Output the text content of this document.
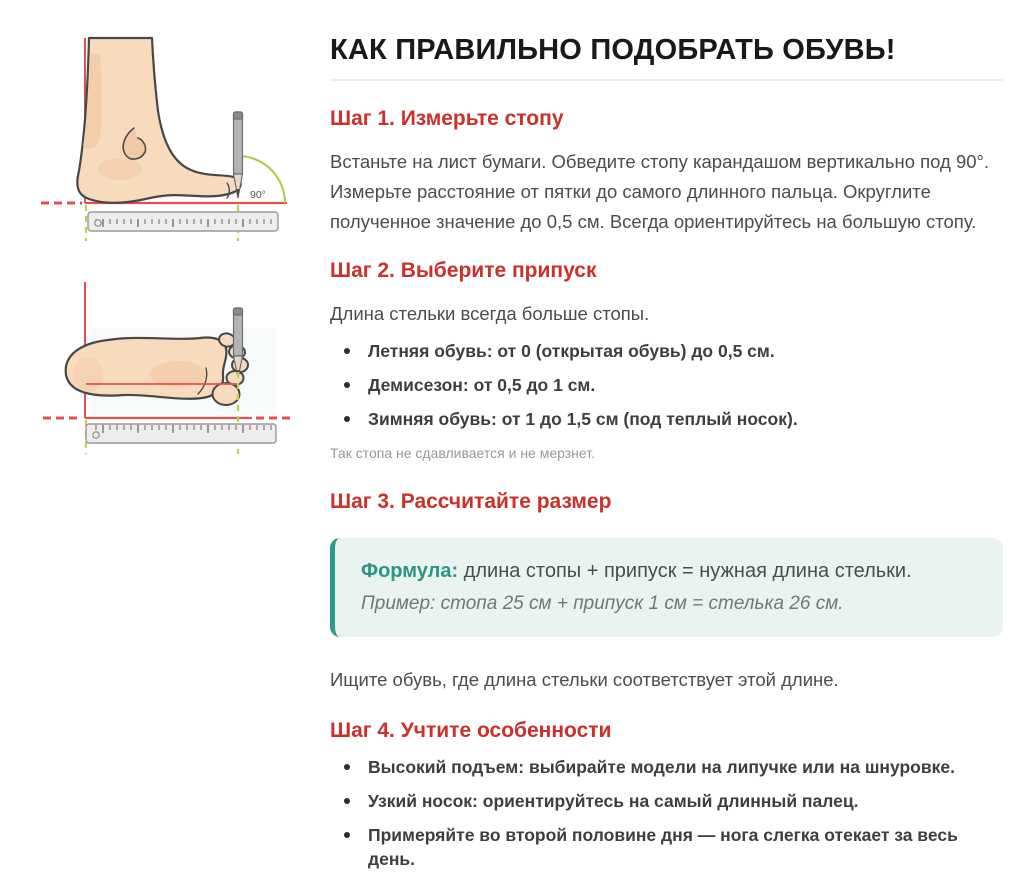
90°
КАК ПРАВИЛЬНО ПОДОБРАТЬ ОБУВЬ!
Шаг 1. Измерьте стопу

Встаньте на лист бумаги. Обведите стопу карандашом вертикально под 90°. Измерьте расстояние от пятки до самого длинного пальца. Округлите полученное значение до 0,5 см. Всегда ориентируйтесь на большую стопу.

Шаг 2. Выберите припуск

Длина стельки всегда больше стопы.

Летняя обувь: от 0 (открытая обувь) до 0,5 см.
Демисезон: от 0,5 до 1 см.
Зимняя обувь: от 1 до 1,5 см (под теплый носок).

Так стопа не сдавливается и не мерзнет.

Шаг 3. Рассчитайте размер
Формула: длина стопы + припуск = нужная длина стельки.
Пример: стопа 25 см + припуск 1 см = стелька 26 см.

Ищите обувь, где длина стельки соответствует этой длине.

Шаг 4. Учтите особенности
Высокий подъем: выбирайте модели на липучке или на шнуровке.
Узкий носок: ориентируйтесь на самый длинный палец.
Примеряйте во второй половине дня — нога слегка отекает за весь день.
